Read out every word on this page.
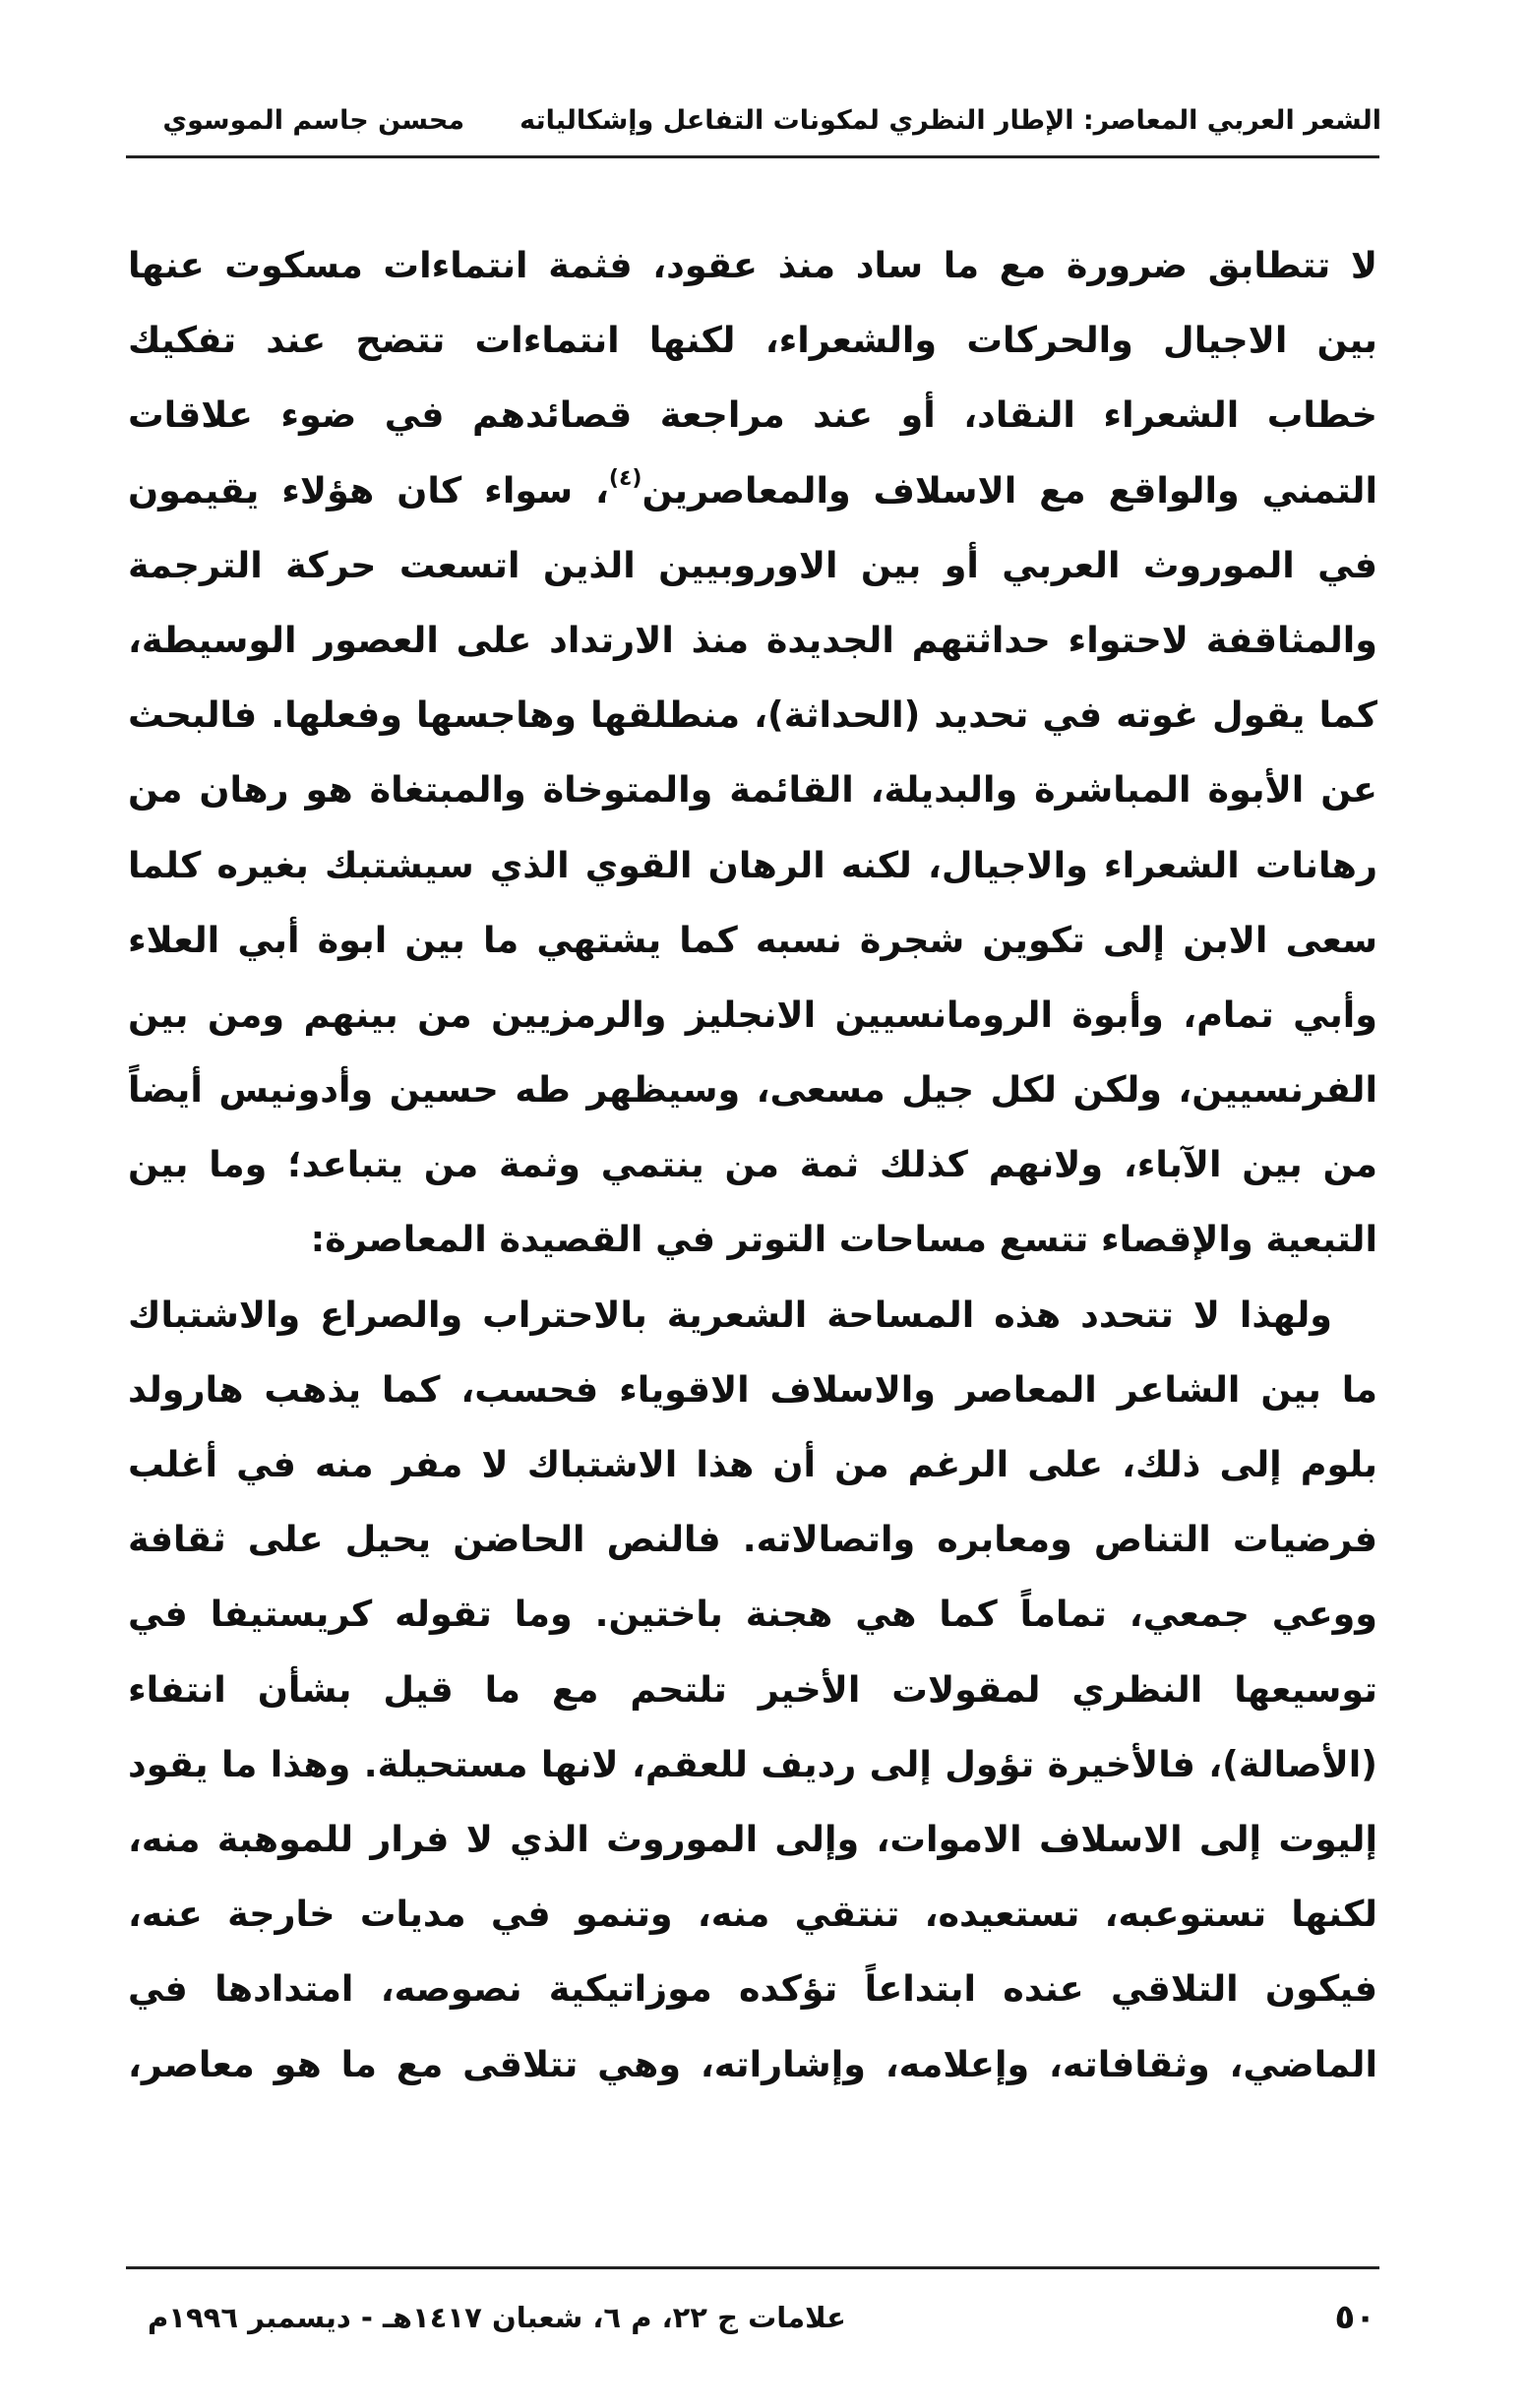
الشعر العربي المعاصر: الإطار النظري لمكونات التفاعل وإشكالياته
محسن جاسم الموسوي
لا تتطابق ضرورة مع ما ساد منذ عقود، فثمة انتماءات مسكوت عنها
بين الاجيال والحركات والشعراء، لكنها انتماءات تتضح عند تفكيك
خطاب الشعراء النقاد، أو عند مراجعة قصائدهم في ضوء علاقات
التمني والواقع مع الاسلاف والمعاصرين$^{(٤)}$، سواء كان هؤلاء يقيمون
في الموروث العربي أو بين الاوروبيين الذين اتسعت حركة الترجمة
والمثاقفة لاحتواء حداثتهم الجديدة منذ الارتداد على العصور الوسيطة،
كما يقول غوته في تحديد (الحداثة)، منطلقها وهاجسها وفعلها. فالبحث
عن الأبوة المباشرة والبديلة، القائمة والمتوخاة والمبتغاة هو رهان من
رهانات الشعراء والاجيال، لكنه الرهان القوي الذي سيشتبك بغيره كلما
سعى الابن إلى تكوين شجرة نسبه كما يشتهي ما بين ابوة أبي العلاء
وأبي تمام، وأبوة الرومانسيين الانجليز والرمزيين من بينهم ومن بين
الفرنسيين، ولكن لكل جيل مسعى، وسيظهر طه حسين وأدونيس أيضاً
من بين الآباء، ولانهم كذلك ثمة من ينتمي وثمة من يتباعد؛ وما بين
التبعية والإقصاء تتسع مساحات التوتر في القصيدة المعاصرة:
ولهذا لا تتحدد هذه المساحة الشعرية بالاحتراب والصراع والاشتباك
ما بين الشاعر المعاصر والاسلاف الاقوياء فحسب، كما يذهب هارولد
بلوم إلى ذلك، على الرغم من أن هذا الاشتباك لا مفر منه في أغلب
فرضيات التناص ومعابره واتصالاته. فالنص الحاضن يحيل على ثقافة
ووعي جمعي، تماماً كما هي هجنة باختين. وما تقوله كريستيفا في
توسيعها النظري لمقولات الأخير تلتحم مع ما قيل بشأن انتفاء
(الأصالة)، فالأخيرة تؤول إلى رديف للعقم، لانها مستحيلة. وهذا ما يقود
إليوت إلى الاسلاف الاموات، وإلى الموروث الذي لا فرار للموهبة منه،
لكنها تستوعبه، تستعيده، تنتقي منه، وتنمو في مديات خارجة عنه،
فيكون التلاقي عنده ابتداعاً تؤكده موزاتيكية نصوصه، امتدادها في
الماضي، وثقافاته، وإعلامه، وإشاراته، وهي تتلاقى مع ما هو معاصر،
٥٠
علامات ج ٢٢، م ٦، شعبان ١٤١٧هـ - ديسمبر ١٩٩٦م
